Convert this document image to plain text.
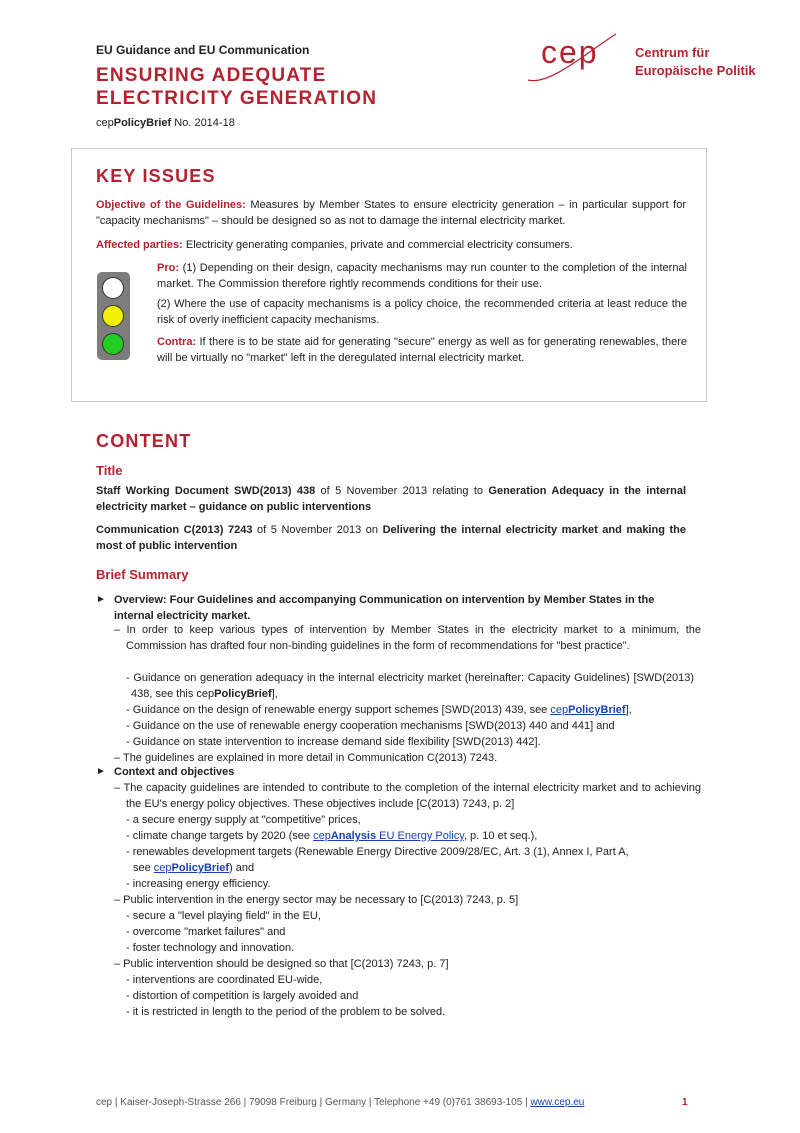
EU Guidance and EU Communication
ENSURING ADEQUATE
ELECTRICITY GENERATION
cepPolicyBrief No. 2014-18
cep	Centrum für
Europäische Politik
KEY ISSUES
Objective of the Guidelines: Measures by Member States to ensure electricity generation – in particular support for "capacity mechanisms" – should be designed so as not to damage the internal electricity market.
Affected parties: Electricity generating companies, private and commercial electricity consumers.
Pro: (1) Depending on their design, capacity mechanisms may run counter to the completion of the internal market. The Commission therefore rightly recommends conditions for their use.
(2) Where the use of capacity mechanisms is a policy choice, the recommended criteria at least reduce the risk of overly inefficient capacity mechanisms.
Contra: If there is to be state aid for generating "secure" energy as well as for generating renewables, there will be virtually no "market" left in the deregulated internal electricity market.
CONTENT
Title
Staff Working Document SWD(2013) 438 of 5 November 2013 relating to Generation Adequacy in the internal electricity market – guidance on public interventions
Communication C(2013) 7243 of 5 November 2013 on Delivering the internal electricity market and making the most of public intervention
Brief Summary
► Overview: Four Guidelines and accompanying Communication on intervention by Member States in the internal electricity market.
– In order to keep various types of intervention by Member States in the electricity market to a minimum, the Commission has drafted four non-binding guidelines in the form of recommendations for "best practice".
- Guidance on generation adequacy in the internal electricity market (hereinafter: Capacity Guidelines) [SWD(2013) 438, see this cepPolicyBrief],
- Guidance on the design of renewable energy support schemes [SWD(2013) 439, see cepPolicyBrief],
- Guidance on the use of renewable energy cooperation mechanisms [SWD(2013) 440 and 441] and
- Guidance on state intervention to increase demand side flexibility [SWD(2013) 442].
– The guidelines are explained in more detail in Communication C(2013) 7243.
► Context and objectives
– The capacity guidelines are intended to contribute to the completion of the internal electricity market and to achieving the EU's energy policy objectives. These objectives include [C(2013) 7243, p. 2]
- a secure energy supply at "competitive" prices,
- climate change targets by 2020 (see cepAnalysis EU Energy Policy, p. 10 et seq.),
- renewables development targets (Renewable Energy Directive 2009/28/EC, Art. 3 (1), Annex I, Part A,
see cepPolicyBrief) and
- increasing energy efficiency.
– Public intervention in the energy sector may be necessary to [C(2013) 7243, p. 5]
- secure a "level playing field" in the EU,
- overcome "market failures" and
- foster technology and innovation.
– Public intervention should be designed so that [C(2013) 7243, p. 7]
- interventions are coordinated EU-wide,
- distortion of competition is largely avoided and
- it is restricted in length to the period of the problem to be solved.
cep | Kaiser-Joseph-Strasse 266 | 79098 Freiburg | Germany | Telephone +49 (0)761 38693-105 | www.cep.eu	1
